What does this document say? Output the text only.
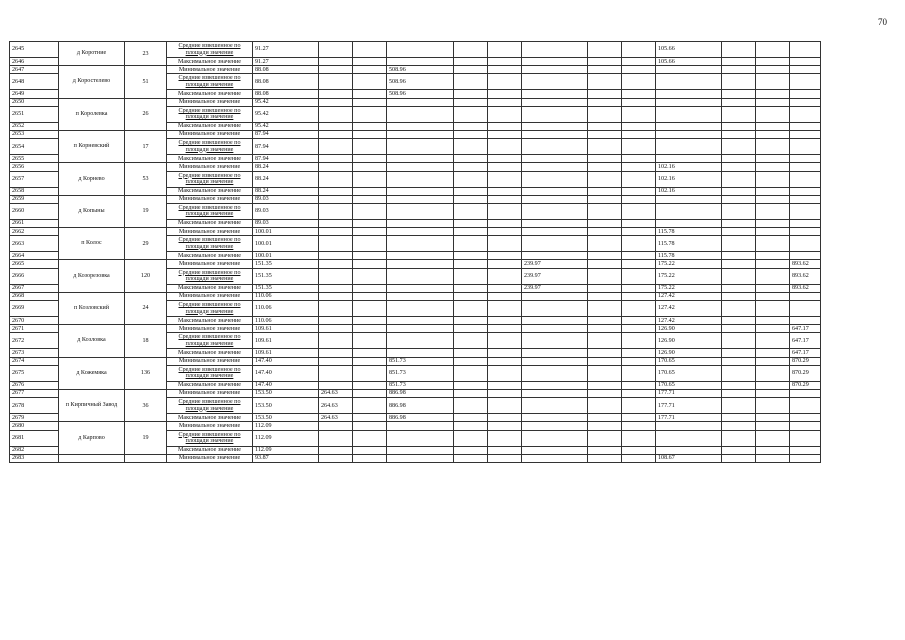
70
2645	д Коротние	23	Средние взвешенное по площади значение	91.27									105.66			
2646			Максимальное значение	91.27									105.66			
2647	д Коростелево	51	Минимальное значение	88.08			508.96									
2648			Средние взвешенное по площади значение	88.08			508.96									
2649			Максимальное значение	88.08			508.96									
2650	п Королевка	26	Минимальное значение	95.42												
2651			Средние взвешенное по площади значение	95.42												
2652			Максимальное значение	95.42												
2653	п Корневский	17	Минимальное значение	87.94												
2654			Средние взвешенное по площади значение	87.94												
2655			Максимальное значение	87.94												
2656	д Корнево	53	Минимальное значение	88.24									102.16			
2657			Средние взвешенное по площади значение	88.24									102.16			
2658			Максимальное значение	88.24									102.16			
2659	д Копыны	19	Минимальное значение	89.03												
2660			Средние взвешенное по площади значение	89.03												
2661			Максимальное значение	89.03												
2662	п Колос	29	Минимальное значение	100.01									115.78			
2663			Средние взвешенное по площади значение	100.01									115.78			
2664			Максимальное значение	100.01									115.78			
2665	д Козорезовка	120	Минимальное значение	151.35						239.97			175.22			893.62
2666			Средние взвешенное по площади значение	151.35						239.97			175.22			893.62
2667			Максимальное значение	151.35						239.97			175.22			893.62
2668	п Козловский	24	Минимальное значение	110.06									127.42			
2669			Средние взвешенное по площади значение	110.06									127.42			
2670			Максимальное значение	110.06									127.42			
2671	д Козловка	18	Минимальное значение	109.61									126.90			647.17
2672			Средние взвешенное по площади значение	109.61									126.90			647.17
2673			Максимальное значение	109.61									126.90			647.17
2674	д Кожемяка	136	Минимальное значение	147.40			851.73						170.65			870.29
2675			Средние взвешенное по площади значение	147.40			851.73						170.65			870.29
2676			Максимальное значение	147.40			851.73						170.65			870.29
2677	п Кирпичный Завод	36	Минимальное значение	153.50	264.63		886.98						177.71			
2678			Средние взвешенное по площади значение	153.50	264.63		886.98						177.71			
2679			Максимальное значение	153.50	264.63		886.98						177.71			
2680	д Карпово	19	Минимальное значение	112.09												
2681			Средние взвешенное по площади значение	112.09												
2682			Максимальное значение	112.09												
2683			Минимальное значение	93.87									108.67			
